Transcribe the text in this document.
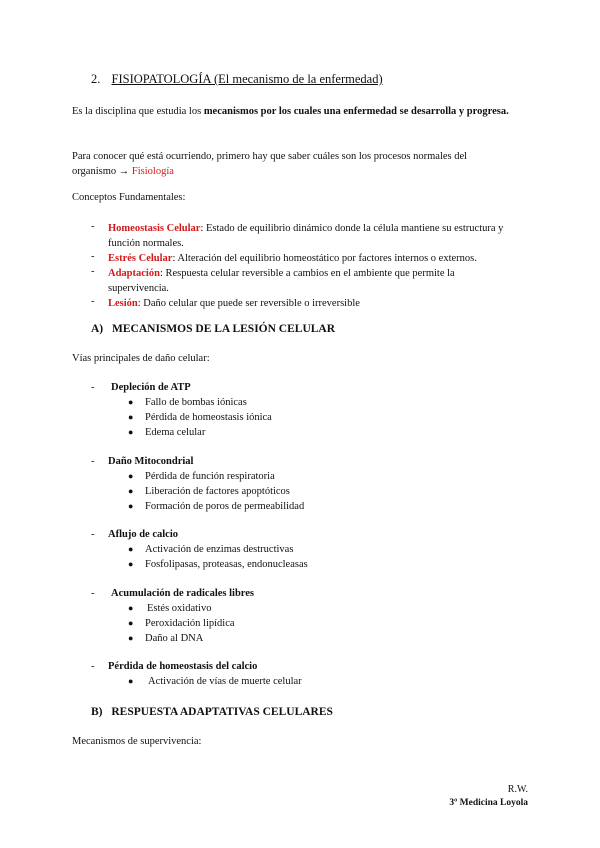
2. FISIOPATOLOGÍA (El mecanismo de la enfermedad)
Es la disciplina que estudia los mecanismos por los cuales una enfermedad se desarrolla y progresa.
Para conocer qué está ocurriendo, primero hay que saber cuáles son los procesos normales del organismo → Fisiología
Conceptos Fundamentales:
- Homeostasis Celular: Estado de equilibrio dinámico donde la célula mantiene su estructura y función normales.
- Estrés Celular: Alteración del equilibrio homeostático por factores internos o externos.
- Adaptación: Respuesta celular reversible a cambios en el ambiente que permite la supervivencia.
- Lesión: Daño celular que puede ser reversible o irreversible
A) MECANISMOS DE LA LESIÓN CELULAR
Vías principales de daño celular:
- Depleción de ATP
● Fallo de bombas iónicas
● Pérdida de homeostasis iónica
● Edema celular
- Daño Mitocondrial
● Pérdida de función respiratoria
● Liberación de factores apoptóticos
● Formación de poros de permeabilidad
- Aflujo de calcio
● Activación de enzimas destructivas
● Fosfolipasas, proteasas, endonucleasas
- Acumulación de radicales libres
● Estés oxidativo
● Peroxidación lipídica
● Daño al DNA
- Pérdida de homeostasis del calcio
● Activación de vías de muerte celular
B) RESPUESTA ADAPTATIVAS CELULARES
Mecanismos de supervivencia:
R.W.
3º Medicina Loyola
